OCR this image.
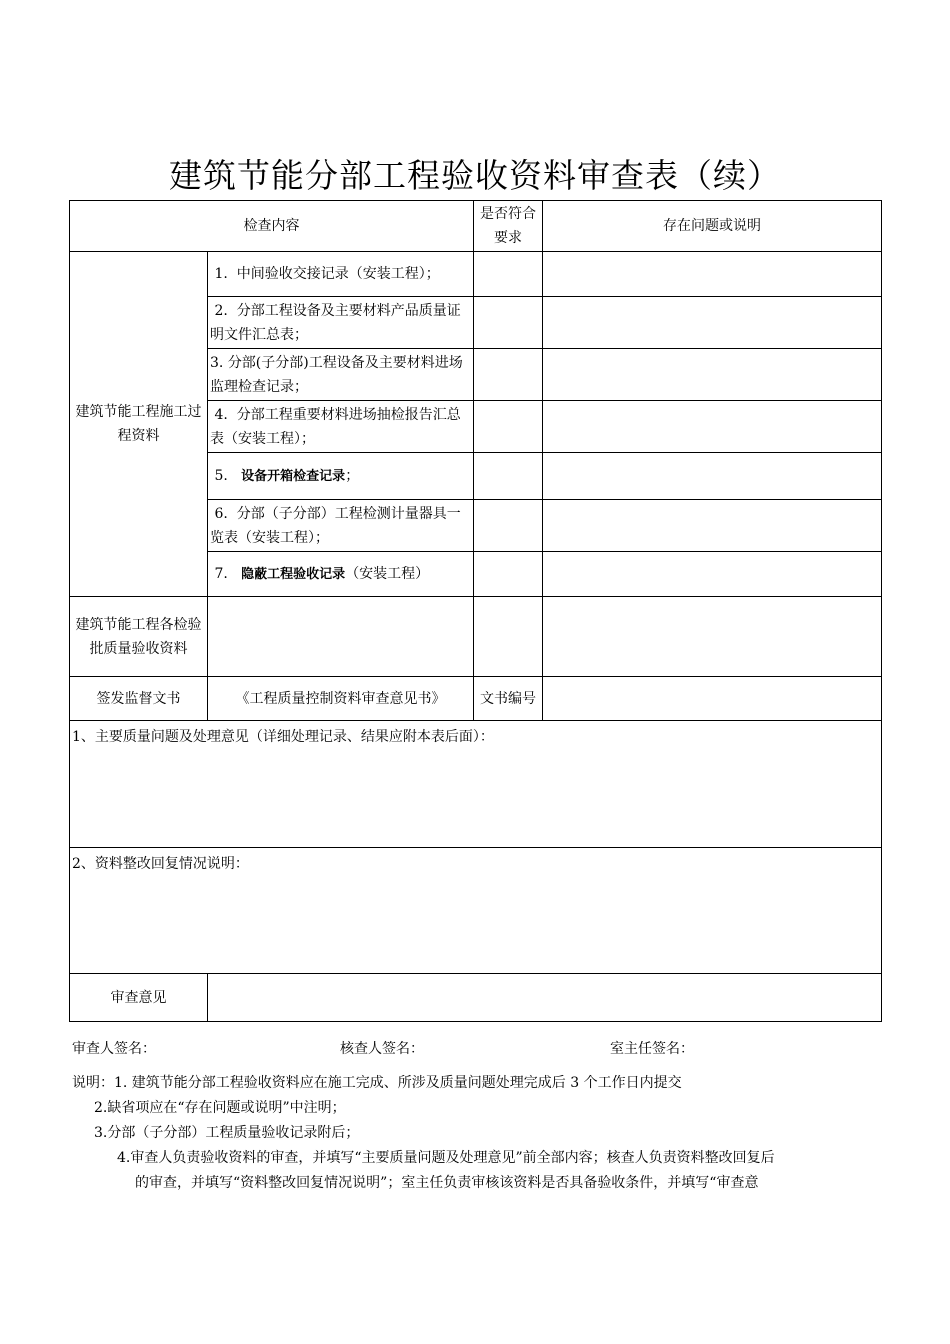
建筑节能分部工程验收资料审查表（续）
检查内容		是否符合要求	存在问题或说明
建筑节能工程施工过程资料	1. 中间验收交接记录（安装工程）；		
	2. 分部工程设备及主要材料产品质量证明文件汇总表；		
	3. 分部(子分部)工程设备及主要材料进场监理检查记录；		
	4. 分部工程重要材料进场抽检报告汇总表（安装工程）；		
	5. 设备开箱检查记录；		
	6. 分部（子分部）工程检测计量器具一览表（安装工程）；		
	7. 隐蔽工程验收记录（安装工程）		
建筑节能工程各检验批质量验收资料			
签发监督文书	《工程质量控制资料审查意见书》	文书编号	
1、主要质量问题及处理意见（详细处理记录、结果应附本表后面）：			
2、资料整改回复情况说明：			
审查意见			
审查人签名：	核查人签名：	室主任签名：
说明：1. 建筑节能分部工程验收资料应在施工完成、所涉及质量问题处理完成后 3 个工作日内提交
2.缺省项应在“存在问题或说明”中注明；
3.分部（子分部）工程质量验收记录附后；
4.审查人负责验收资料的审查，并填写“主要质量问题及处理意见”前全部内容；核查人负责资料整改回复后
的审查，并填写“资料整改回复情况说明”；室主任负责审核该资料是否具备验收条件，并填写“审查意
